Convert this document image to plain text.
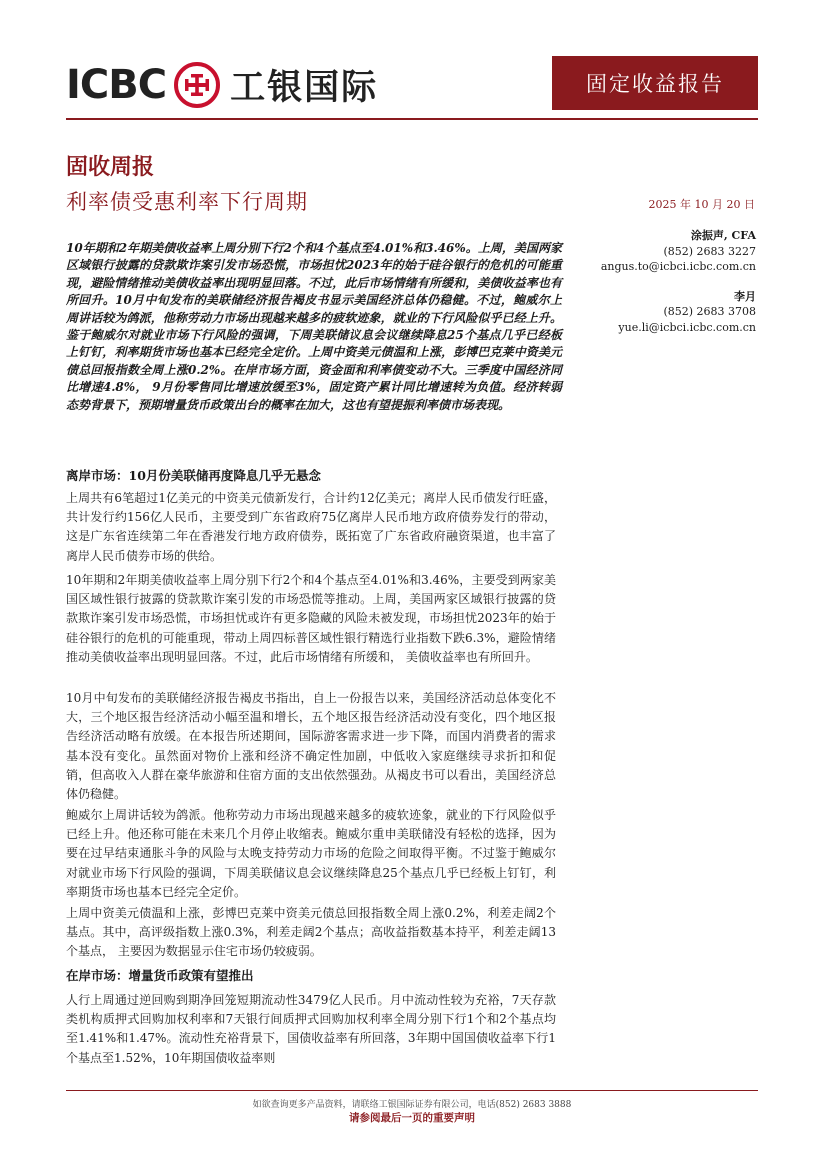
ICBC 工银国际	固定收益报告
固收周报
利率债受惠利率下行周期	2025 年 10 月 20 日
10年期和2年期美债收益率上周分别下行2个和4个基点至4.01%和3.46%。上周，美国两家区域银行披露的贷款欺诈案引发市场恐慌，市场担忧2023年的始于硅谷银行的危机的可能重现，避险情绪推动美债收益率出现明显回落。不过，此后市场情绪有所缓和，美债收益率也有所回升。10月中旬发布的美联储经济报告褐皮书显示美国经济总体仍稳健。不过，鲍威尔上周讲话较为鸽派，他称劳动力市场出现越来越多的疲软迹象，就业的下行风险似乎已经上升。鉴于鲍威尔对就业市场下行风险的强调，下周美联储议息会议继续降息25个基点几乎已经板上钉钉，利率期货市场也基本已经完全定价。上周中资美元债温和上涨，彭博巴克莱中资美元债总回报指数全周上涨0.2%。在岸市场方面，资金面和利率债变动不大。三季度中国经济同比增速4.8%， 9月份零售同比增速放缓至3%，固定资产累计同比增速转为负值。经济转弱态势背景下，预期增量货币政策出台的概率在加大，这也有望提振利率债市场表现。
涂振声, CFA
(852) 2683 3227
angus.to@icbci.icbc.com.cn
李月
(852) 2683 3708
yue.li@icbci.icbc.com.cn
离岸市场：10月份美联储再度降息几乎无悬念
上周共有6笔超过1亿美元的中资美元债新发行，合计约12亿美元；离岸人民币债发行旺盛，共计发行约156亿人民币，主要受到广东省政府75亿离岸人民币地方政府债券发行的带动，这是广东省连续第二年在香港发行地方政府债券，既拓宽了广东省政府融资渠道，也丰富了离岸人民币债券市场的供给。
10年期和2年期美债收益率上周分别下行2个和4个基点至4.01%和3.46%，主要受到两家美国区域性银行披露的贷款欺诈案引发的市场恐慌等推动。上周，美国两家区域银行披露的贷款欺诈案引发市场恐慌，市场担忧或许有更多隐藏的风险未被发现，市场担忧2023年的始于硅谷银行的危机的可能重现，带动上周四标普区域性银行精选行业指数下跌6.3%，避险情绪推动美债收益率出现明显回落。不过，此后市场情绪有所缓和， 美债收益率也有所回升。
10月中旬发布的美联储经济报告褐皮书指出，自上一份报告以来，美国经济活动总体变化不大，三个地区报告经济活动小幅至温和增长，五个地区报告经济活动没有变化，四个地区报告经济活动略有放缓。在本报告所述期间，国际游客需求进一步下降，而国内消费者的需求基本没有变化。虽然面对物价上涨和经济不确定性加剧，中低收入家庭继续寻求折扣和促销，但高收入人群在豪华旅游和住宿方面的支出依然强劲。从褐皮书可以看出，美国经济总体仍稳健。
鲍威尔上周讲话较为鸽派。他称劳动力市场出现越来越多的疲软迹象，就业的下行风险似乎已经上升。他还称可能在未来几个月停止收缩表。鲍威尔重申美联储没有轻松的选择，因为要在过早结束通胀斗争的风险与太晚支持劳动力市场的危险之间取得平衡。不过鉴于鲍威尔对就业市场下行风险的强调，下周美联储议息会议继续降息25个基点几乎已经板上钉钉，利率期货市场也基本已经完全定价。
上周中资美元债温和上涨，彭博巴克莱中资美元债总回报指数全周上涨0.2%，利差走阔2个基点。其中，高评级指数上涨0.3%，利差走阔2个基点；高收益指数基本持平，利差走阔13个基点， 主要因为数据显示住宅市场仍较疲弱。
在岸市场：增量货币政策有望推出
人行上周通过逆回购到期净回笼短期流动性3479亿人民币。月中流动性较为充裕，7天存款类机构质押式回购加权利率和7天银行间质押式回购加权利率全周分别下行1个和2个基点均至1.41%和1.47%。流动性充裕背景下，国债收益率有所回落，3年期中国国债收益率下行1个基点至1.52%，10年期国债收益率则
如欲查询更多产品资料，请联络工银国际证券有限公司，电话(852) 2683 3888
请参阅最后一页的重要声明
